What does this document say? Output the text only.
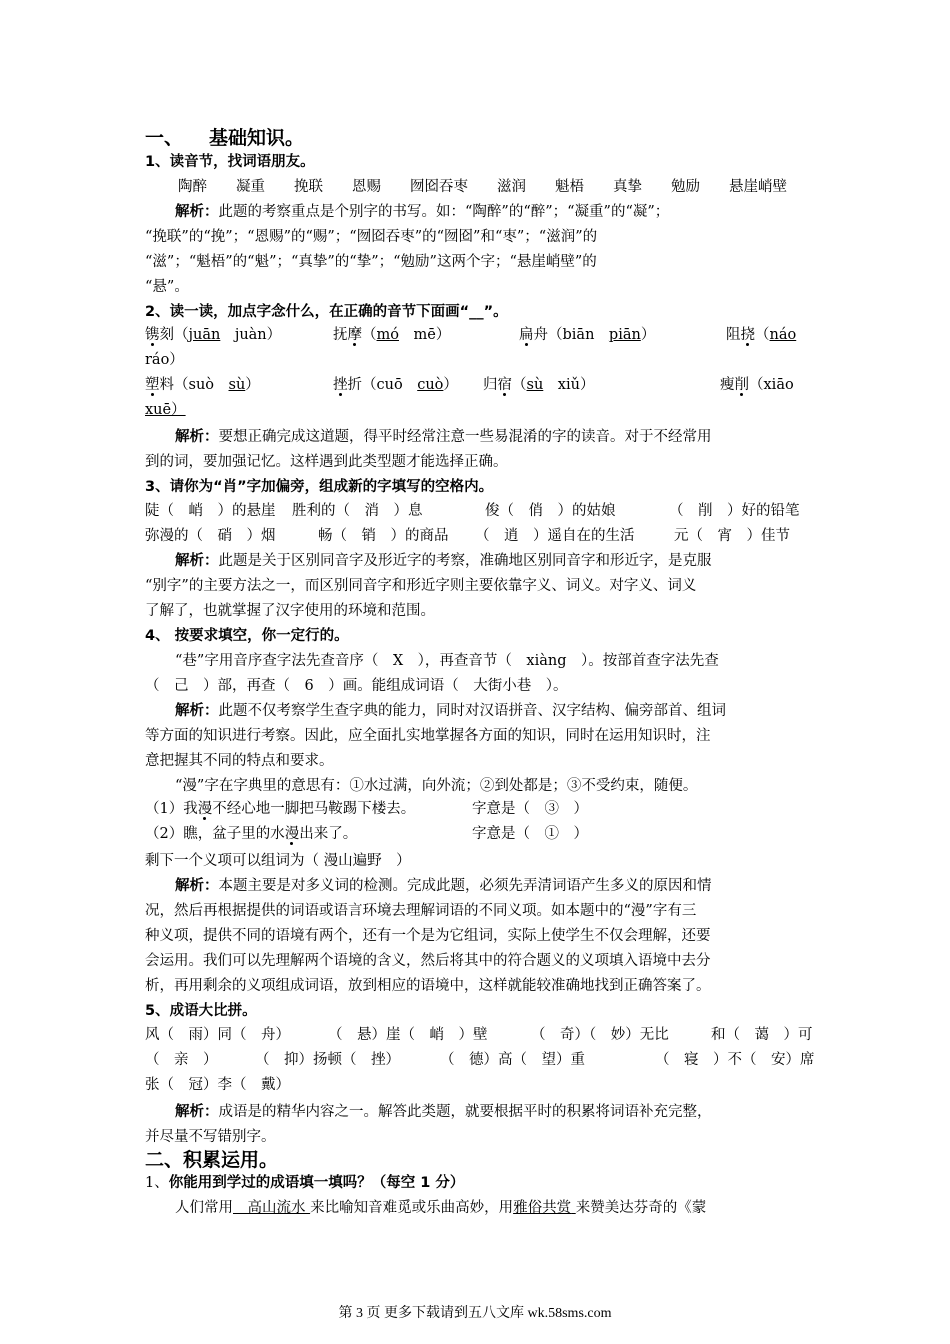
一、 基础知识。
1、读音节，找词语朋友。
陶醉 凝重 挽联 恩赐 囫囵吞枣 滋润 魁梧 真挚 勉励 悬崖峭壁
解析：此题的考察重点是个别字的书写。如：“陶醉”的“醉”；“凝重”的“凝”；
“挽联”的“挽”；“恩赐”的“赐”；“囫囵吞枣”的“囫囵”和“枣”；“滋润”的
“滋”；“魁梧”的“魁”；“真挚”的“挚”；“勉励”这两个字；“悬崖峭壁”的
“悬”。
2、读一读，加点字念什么，在正确的音节下面画“__”。
镌刻（juān　 juàn）	抚摩（mó　 mē）	扁舟（biān　 piān）	阻挠（náo
ráo）
塑料（suò　 sù）	挫折（cuō　 cuò） 归宿（sù　 xiǔ）	瘦削（xiāo
xuē）
解析：要想正确完成这道题，得平时经常注意一些易混淆的字的读音。对于不经常用
到的词，要加强记忆。这样遇到此类型题才能选择正确。
3、请你为“肖”字加偏旁，组成新的字填写的空格内。
陡（　峭　）的悬崖 胜利的（　消　）息	俊（　俏　）的姑娘	（　削　）好的铅笔
弥漫的（　硝　）烟	畅（　销　）的商品 （　逍　）遥自在的生活	元（　宵　）佳节
解析：此题是关于区别同音字及形近字的考察，准确地区别同音字和形近字，是克服
“别字”的主要方法之一，而区别同音字和形近字则主要依靠字义、词义。对字义、词义
了解了，也就掌握了汉字使用的环境和范围。
4、 按要求填空，你一定行的。
“巷”字用音序查字法先查音序（　X　），再查音节（　xiàng　）。按部首查字法先查
（　己　）部，再查（　6　）画。能组成词语（　大街小巷　）。
解析：此题不仅考察学生查字典的能力，同时对汉语拼音、汉字结构、偏旁部首、组词
等方面的知识进行考察。因此，应全面扎实地掌握各方面的知识，同时在运用知识时，注
意把握其不同的特点和要求。
“漫”字在字典里的意思有：①水过满，向外流；②到处都是；③不受约束，随便。
（1）我漫不经心地一脚把马鞍踢下楼去。	字意是（　③　）
（2）瞧，盆子里的水漫出来了。	字意是（　①　）
剩下一个义项可以组词为（ 漫山遍野　）
解析：本题主要是对多义词的检测。完成此题，必须先弄清词语产生多义的原因和情
况，然后再根据提供的词语或语言环境去理解词语的不同义项。如本题中的“漫”字有三
种义项，提供不同的语境有两个，还有一个是为它组词，实际上使学生不仅会理解，还要
会运用。我们可以先理解两个语境的含义，然后将其中的符合题义的义项填入语境中去分
析，再用剩余的义项组成词语，放到相应的语境中，这样就能较准确地找到正确答案了。
5、成语大比拼。
风（　雨）同（　舟）	（　悬）崖（　峭　）壁	（　奇）（　妙）无比	和（　蔼　）可
（　亲　）	（　抑）扬顿（　挫）	（　德）高（　望）重	（　寝　）不（　安）席
张（　冠）李（　戴）
解析：成语是的精华内容之一。解答此类题，就要根据平时的积累将词语补充完整，
并尽量不写错别字。
二、积累运用。
1、你能用到学过的成语填一填吗？（每空 1 分）
人们常用　高山流水 来比喻知音难觅或乐曲高妙，用雅俗共赏 来赞美达芬奇的《蒙
第 3 页 更多下载请到五八文库 wk.58sms.com
